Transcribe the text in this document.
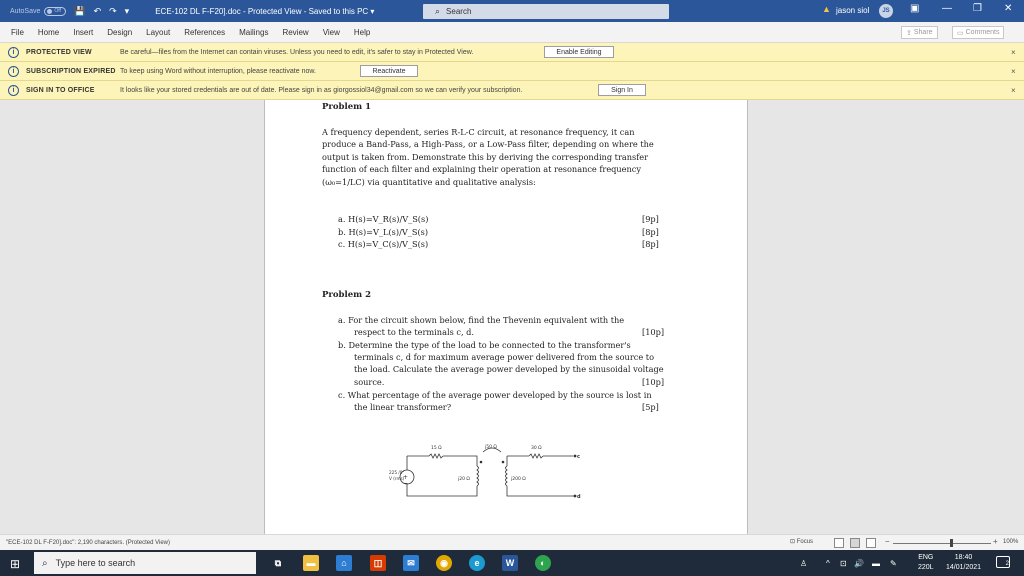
AutoSave	Off 💾 ↶ ↷ ▾	ECE-102 DL F-F20].doc - Protected View - Saved to this PC ▾	⌕ Search	▲ jason siol	JS	▣ — ❐ ✕
File	Home	Insert	Design	Layout	References	Mailings	Review	View	Help	⇪ Share	▭ Comments
i	PROTECTED VIEW	Be careful—files from the Internet can contain viruses. Unless you need to edit, it's safer to stay in Protected View.	Enable Editing	×
i	SUBSCRIPTION EXPIRED To keep using Word without interruption, please reactivate now.	Reactivate	×
i	SIGN IN TO OFFICE	It looks like your stored credentials are out of date. Please sign in as giorgossiol34@gmail.com so we can verify your subscription.	Sign In	×
Problem 1
A frequency dependent, series R-L-C circuit, at resonance frequency, it can
produce a Band-Pass, a High-Pass, or a Low-Pass filter, depending on where the
output is taken from. Demonstrate this by deriving the corresponding transfer
function of each filter and explaining their operation at resonance frequency
(ω₀=1/LC) via quantitative and qualitative analysis:
a. H(s)=V_R(s)/V_S(s)	[9p]
b. H(s)=V_L(s)/V_S(s)	[8p]
c. H(s)=V_C(s)/V_S(s)	[8p]
Problem 2
a. For the circuit shown below, find the Thevenin equivalent with the
respect to the terminals c, d.	[10p]
b. Determine the type of the load to be connected to the transformer's
terminals c, d for maximum average power delivered from the source to
the load. Calculate the average power developed by the sinusoidal voltage
source.	[10p]
c. What percentage of the average power developed by the source is lost in
the linear transformer?	[5p]
+
−
15 Ω	j50 Ω	30 Ω
j20 Ω	j200 Ω
225 /0°
V (rms)
c
d
"ECE-102 DL F-F20].doc": 2,190 characters. (Protected View)	⊡ Focus	−	+ 100%
⊞ ⌕ Type here to search	⧉	▬	⌂	◫	✉	◉	e	W	◐	♙ ^ ⊡ 🔊 ▬ ✎
ENG
220L
18:40
14/01/2021	2
